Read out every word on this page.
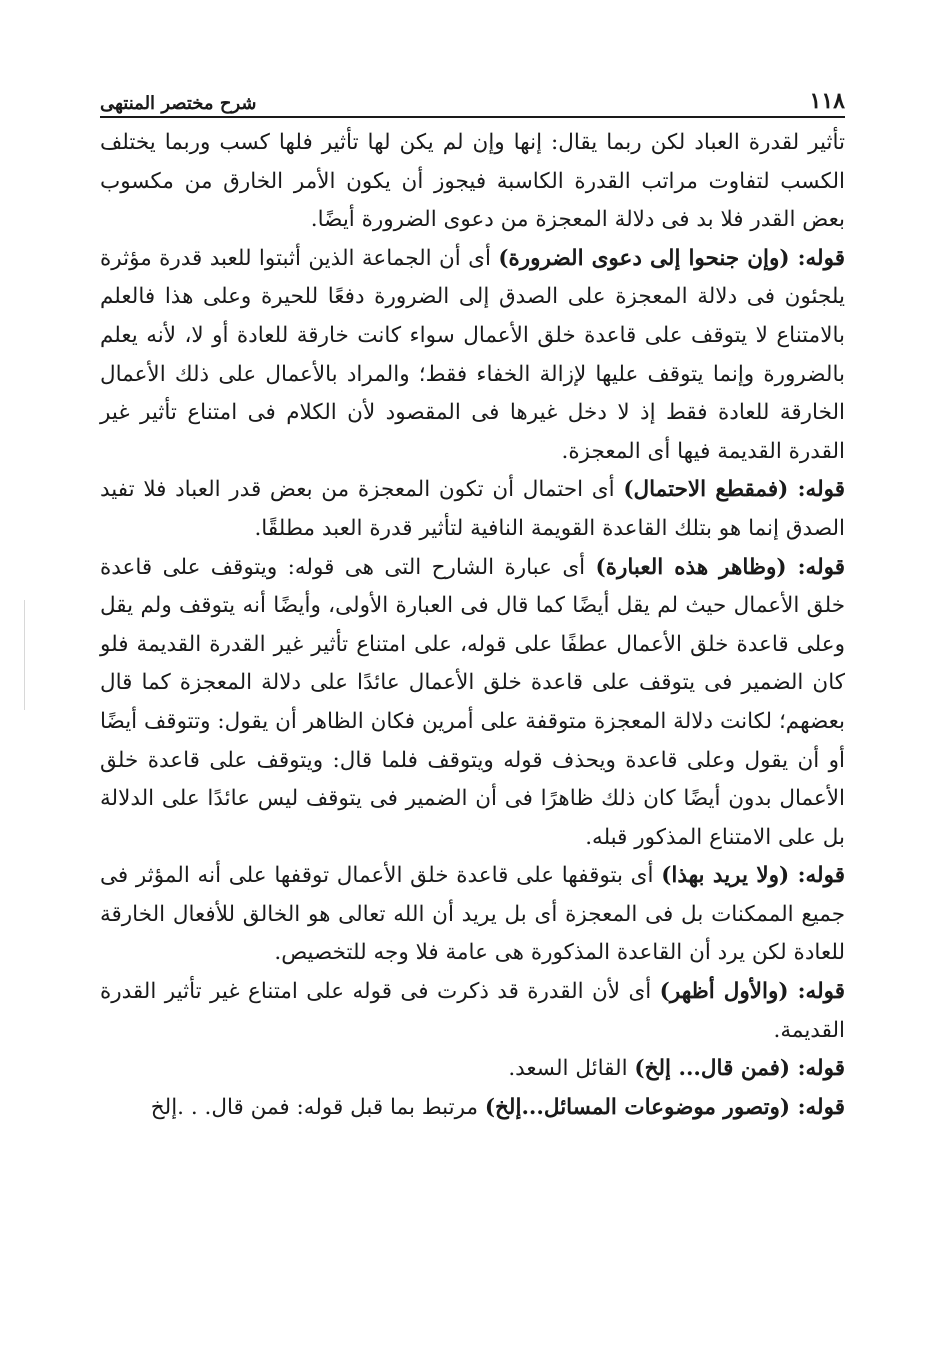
١١٨
شرح مختصر المنتهى

تأثير لقدرة العباد لكن ربما يقال: إنها وإن لم يكن لها تأثير فلها كسب وربما يختلف الكسب لتفاوت مراتب القدرة الكاسبة فيجوز أن يكون الأمر الخارق من مكسوب بعض القدر فلا بد فى دلالة المعجزة من دعوى الضرورة أيضًا.

قوله: (وإن جنحوا إلى دعوى الضرورة) أى أن الجماعة الذين أثبتوا للعبد قدرة مؤثرة يلجئون فى دلالة المعجزة على الصدق إلى الضرورة دفعًا للحيرة وعلى هذا فالعلم بالامتناع لا يتوقف على قاعدة خلق الأعمال سواء كانت خارقة للعادة أو لا، لأنه يعلم بالضرورة وإنما يتوقف عليها لإزالة الخفاء فقط؛ والمراد بالأعمال على ذلك الأعمال الخارقة للعادة فقط إذ لا دخل غيرها فى المقصود لأن الكلام فى امتناع تأثير غير القدرة القديمة فيها أى المعجزة.

قوله: (فمقطع الاحتمال) أى احتمال أن تكون المعجزة من بعض قدر العباد فلا تفيد الصدق إنما هو بتلك القاعدة القويمة النافية لتأثير قدرة العبد مطلقًا.

قوله: (وظاهر هذه العبارة) أى عبارة الشارح التى هى قوله: ويتوقف على قاعدة خلق الأعمال حيث لم يقل أيضًا كما قال فى العبارة الأولى، وأيضًا أنه يتوقف ولم يقل وعلى قاعدة خلق الأعمال عطفًا على قوله، على امتناع تأثير غير القدرة القديمة فلو كان الضمير فى يتوقف على قاعدة خلق الأعمال عائدًا على دلالة المعجزة كما قال بعضهم؛ لكانت دلالة المعجزة متوقفة على أمرين فكان الظاهر أن يقول: وتتوقف أيضًا أو أن يقول وعلى قاعدة ويحذف قوله ويتوقف فلما قال: ويتوقف على قاعدة خلق الأعمال بدون أيضًا كان ذلك ظاهرًا فى أن الضمير فى يتوقف ليس عائدًا على الدلالة بل على الامتناع المذكور قبله.

قوله: (ولا يريد بهذا) أى بتوقفها على قاعدة خلق الأعمال توقفها على أنه المؤثر فى جميع الممكنات بل فى المعجزة أى بل يريد أن الله تعالى هو الخالق للأفعال الخارقة للعادة لكن يرد أن القاعدة المذكورة هى عامة فلا وجه للتخصيص.

قوله: (والأول أظهر) أى لأن القدرة قد ذكرت فى قوله على امتناع غير تأثير القدرة القديمة.

قوله: (فمن قال... إلخ) القائل السعد.

قوله: (وتصور موضوعات المسائل...إلخ) مرتبط بما قبل قوله: فمن قال. . .إلخ
